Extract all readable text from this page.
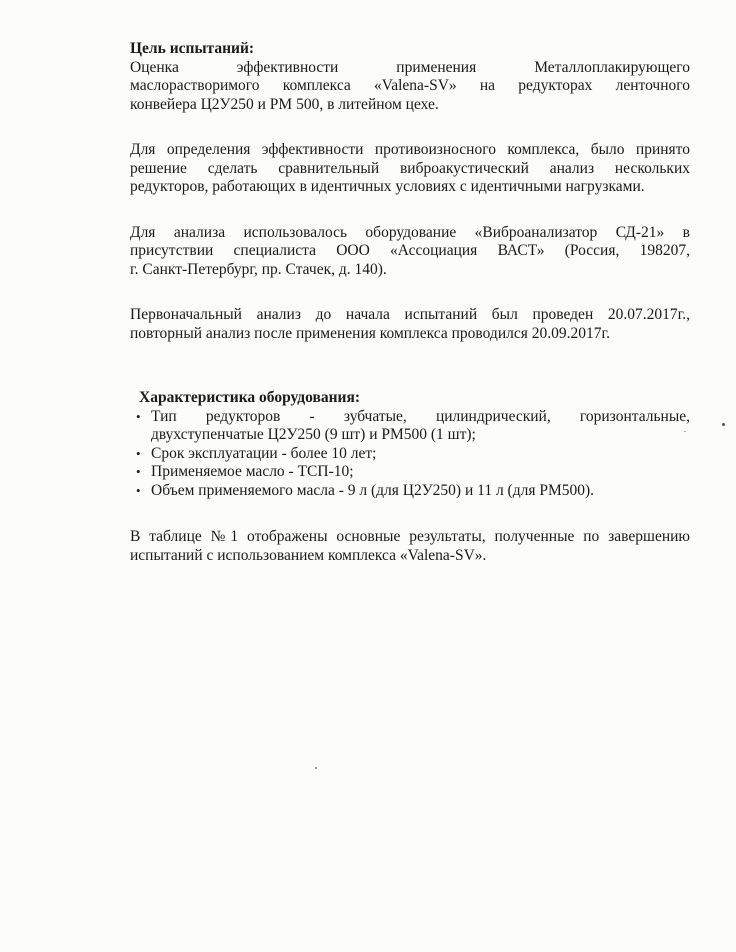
Цель испытаний:

Оценка эффективности применения Металлоплакирующего
маслорастворимого комплекса «Valena-SV» на редукторах ленточного
конвейера Ц2У250 и РМ 500, в литейном цехе.

Для определения эффективности противоизносного комплекса, было принято
решение сделать сравнительный виброакустический анализ нескольких
редукторов, работающих в идентичных условиях с идентичными нагрузками.

Для анализа использовалось оборудование «Виброанализатор СД-21» в
присутствии специалиста ООО «Ассоциация ВАСТ» (Россия, 198207,
г. Санкт-Петербург, пр. Стачек, д. 140).

Первоначальный анализ до начала испытаний был проведен 20.07.2017г.,
повторный анализ после применения комплекса проводился 20.09.2017г.

Характеристика оборудования:

• Тип редукторов - зубчатые, цилиндрический, горизонтальные,
двухступенчатые Ц2У250 (9 шт) и РМ500 (1 шт);
• Срок эксплуатации - более 10 лет;
• Применяемое масло - ТСП-10;
• Объем применяемого масла - 9 л (для Ц2У250) и 11 л (для РМ500).

В таблице №1 отображены основные результаты, полученные по завершению
испытаний с использованием комплекса «Valena-SV».
